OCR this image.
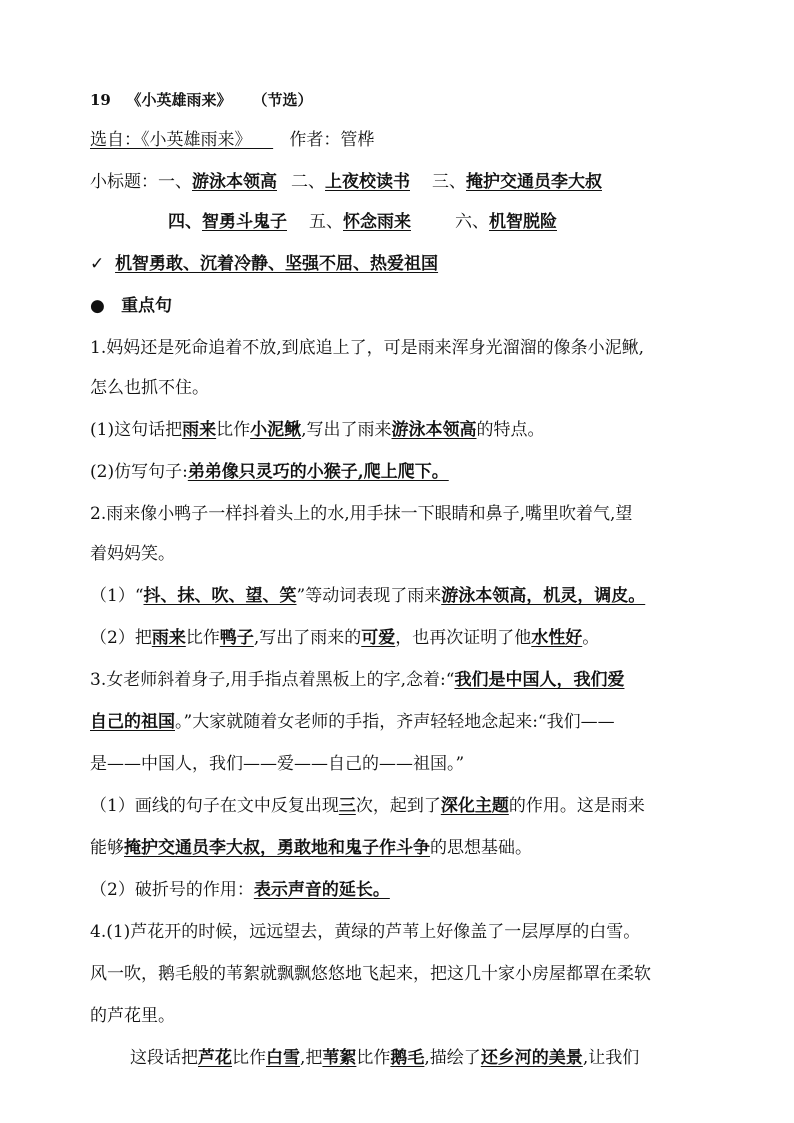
19 《小英雄雨来》 （节选）
选自：《小英雄雨来》 作者：管桦
小标题：一、游泳本领高 二、上夜校读书 三、掩护交通员李大叔
四、智勇斗鬼子 五、怀念雨来	六、机智脱险
✓ 机智勇敢、沉着冷静、坚强不屈、热爱祖国
● 重点句
1.妈妈还是死命追着不放,到底追上了，可是雨来浑身光溜溜的像条小泥鳅,
怎么也抓不住。
(1)这句话把雨来比作小泥鳅,写出了雨来游泳本领高的特点。
(2)仿写句子:弟弟像只灵巧的小猴子,爬上爬下。
2.雨来像小鸭子一样抖着头上的水,用手抹一下眼睛和鼻子,嘴里吹着气,望
着妈妈笑。
（1）“抖、抹、吹、望、笑”等动词表现了雨来游泳本领高，机灵，调皮。
（2）把雨来比作鸭子,写出了雨来的可爱，也再次证明了他水性好。
3.女老师斜着身子,用手指点着黑板上的字,念着:“我们是中国人，我们爱
自己的祖国。”大家就随着女老师的手指，齐声轻轻地念起来:“我们——
是——中国人，我们——爱——自己的——祖国。”
（1）画线的句子在文中反复出现三次，起到了深化主题的作用。这是雨来
能够掩护交通员李大叔，勇敢地和鬼子作斗争的思想基础。
（2）破折号的作用：表示声音的延长。
4.(1)芦花开的时候，远远望去，黄绿的芦苇上好像盖了一层厚厚的白雪。
风一吹，鹅毛般的苇絮就飘飘悠悠地飞起来，把这几十家小房屋都罩在柔软
的芦花里。
这段话把芦花比作白雪,把苇絮比作鹅毛,描绘了还乡河的美景,让我们
